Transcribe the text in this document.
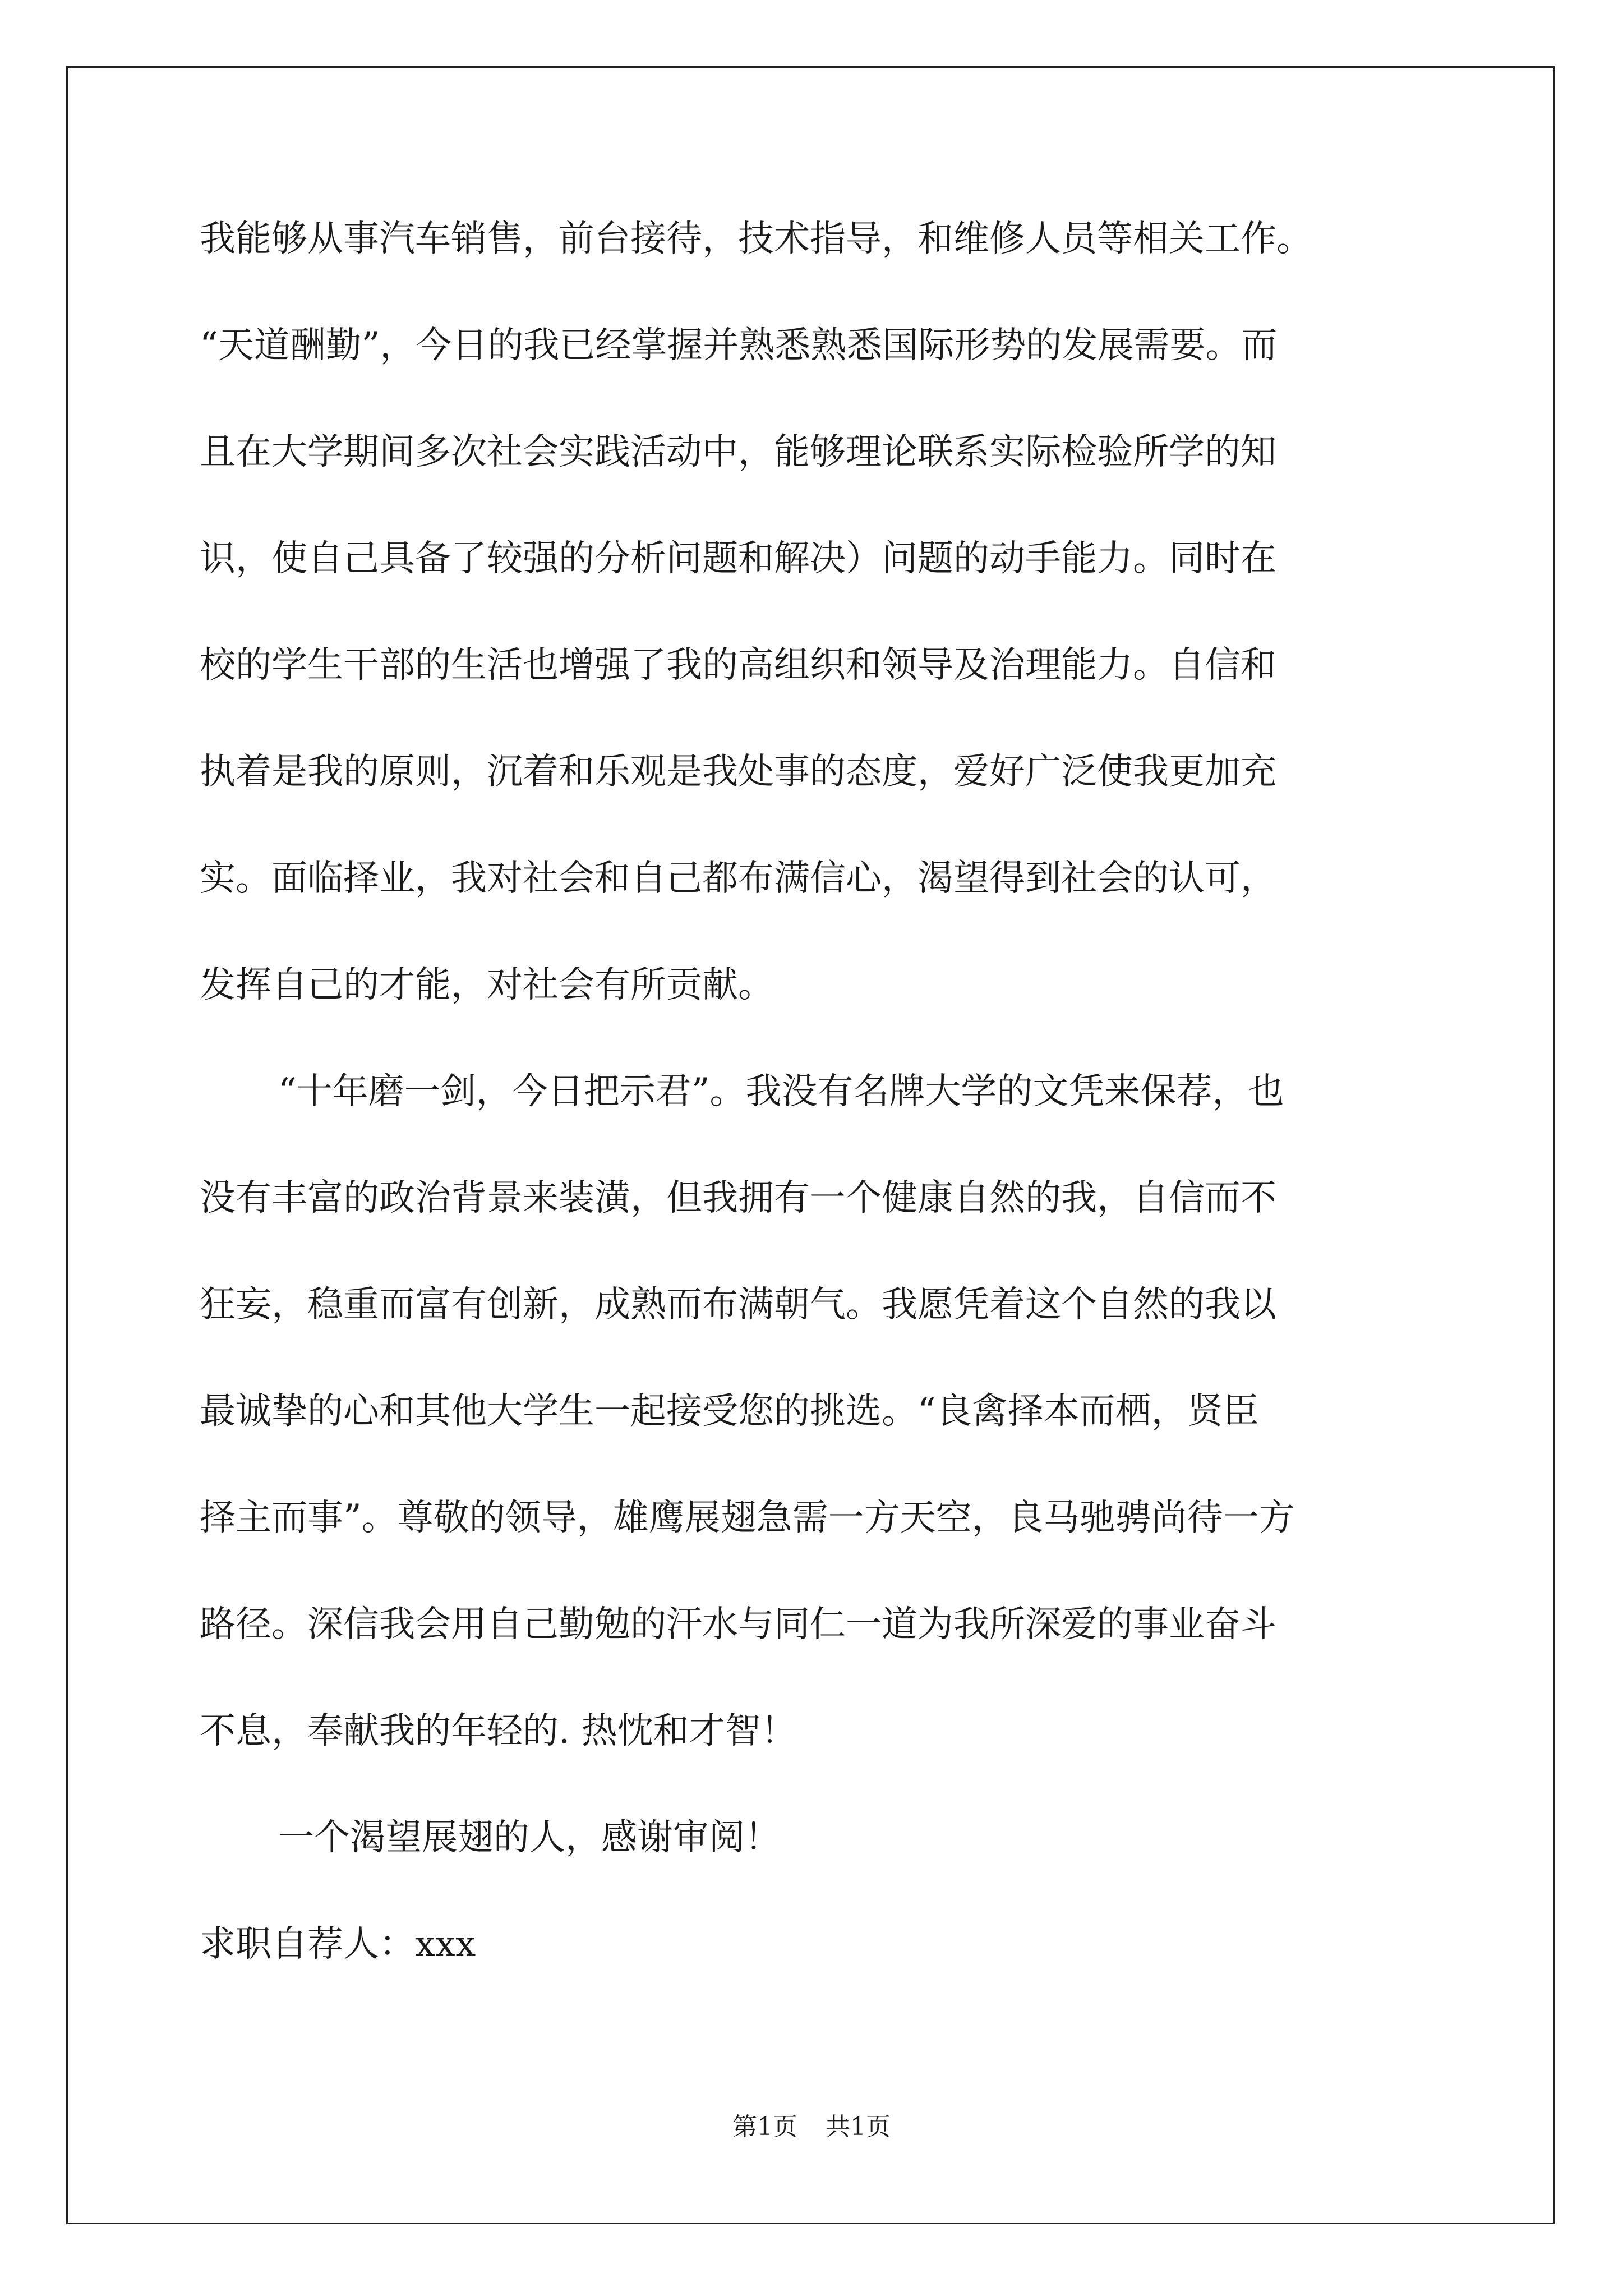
我能够从事汽车销售，前台接待，技术指导，和维修人员等相关工作。
“天道酬勤”，今日的我已经掌握并熟悉熟悉国际形势的发展需要。而
且在大学期间多次社会实践活动中，能够理论联系实际检验所学的知
识，使自己具备了较强的分析问题和解决）问题的动手能力。同时在
校的学生干部的生活也增强了我的高组织和领导及治理能力。自信和
执着是我的原则，沉着和乐观是我处事的态度，爱好广泛使我更加充
实。面临择业，我对社会和自己都布满信心，渴望得到社会的认可，
发挥自己的才能，对社会有所贡献。
“十年磨一剑，今日把示君”。我没有名牌大学的文凭来保荐，也
没有丰富的政治背景来装潢，但我拥有一个健康自然的我，自信而不
狂妄，稳重而富有创新，成熟而布满朝气。我愿凭着这个自然的我以
最诚挚的心和其他大学生一起接受您的挑选。“良禽择本而栖，贤臣
择主而事”。尊敬的领导，雄鹰展翅急需一方天空，良马驰骋尚待一方
路径。深信我会用自己勤勉的汗水与同仁一道为我所深爱的事业奋斗
不息，奉献我的年轻的. 热忱和才智！
一个渴望展翅的人，感谢审阅！
求职自荐人：xxx
第1页 共1页
